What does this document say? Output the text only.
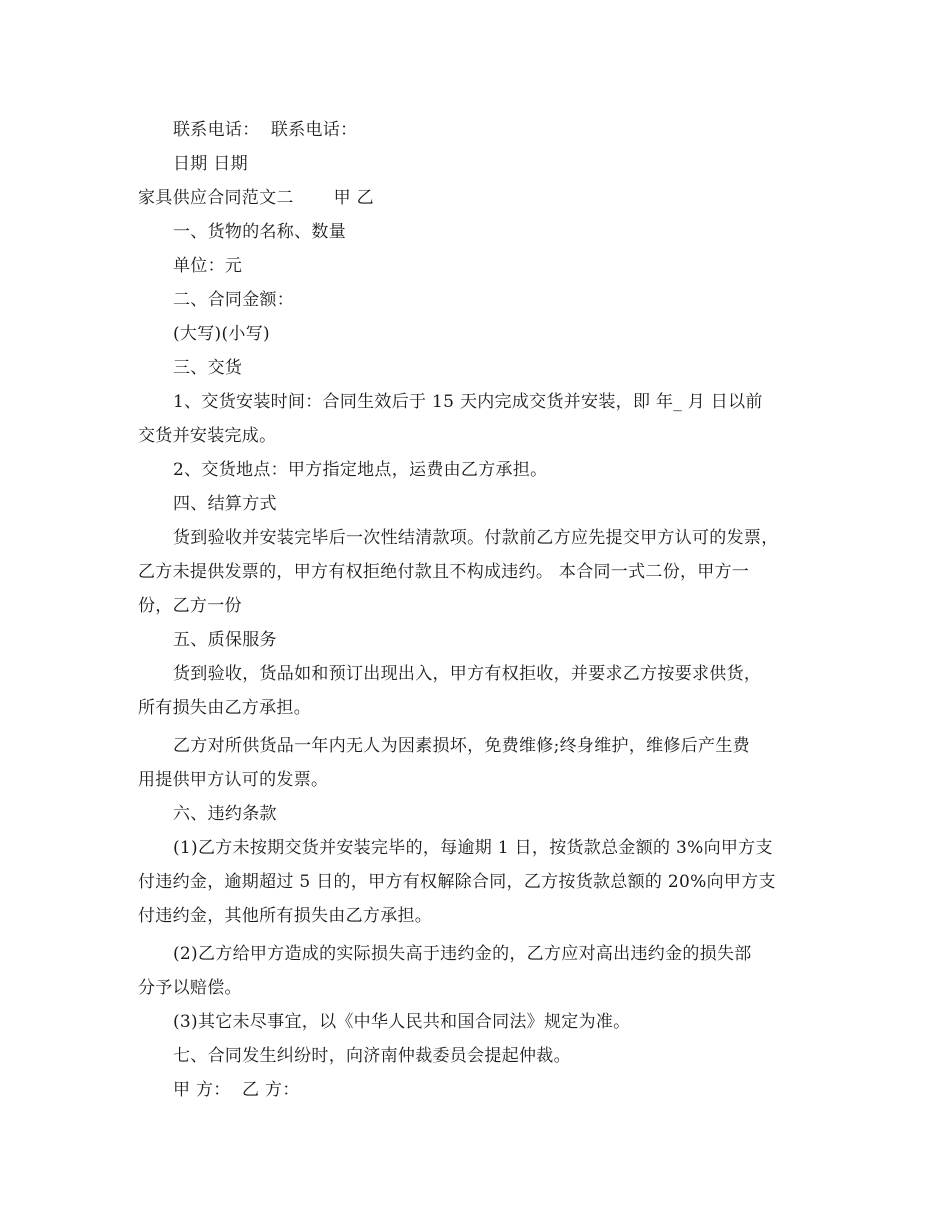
联系电话：  联系电话：
日期 日期
家具供应合同范文二       甲 乙
一、货物的名称、数量
单位：元
二、合同金额：
(大写)(小写)
三、交货
1、交货安装时间：合同生效后于 15 天内完成交货并安装，即 年_ 月 日以前
交货并安装完成。
2、交货地点：甲方指定地点，运费由乙方承担。
四、结算方式
货到验收并安装完毕后一次性结清款项。付款前乙方应先提交甲方认可的发票，
乙方未提供发票的，甲方有权拒绝付款且不构成违约。 本合同一式二份，甲方一
份，乙方一份
五、质保服务
货到验收，货品如和预订出现出入，甲方有权拒收，并要求乙方按要求供货，
所有损失由乙方承担。
乙方对所供货品一年内无人为因素损坏，免费维修;终身维护，维修后产生费
用提供甲方认可的发票。
六、违约条款
(1)乙方未按期交货并安装完毕的，每逾期 1 日，按货款总金额的 3%向甲方支
付违约金，逾期超过 5 日的，甲方有权解除合同，乙方按货款总额的 20%向甲方支
付违约金，其他所有损失由乙方承担。
(2)乙方给甲方造成的实际损失高于违约金的，乙方应对高出违约金的损失部
分予以赔偿。
(3)其它未尽事宜，以《中华人民共和国合同法》规定为准。
七、合同发生纠纷时，向济南仲裁委员会提起仲裁。
甲 方：  乙 方：
